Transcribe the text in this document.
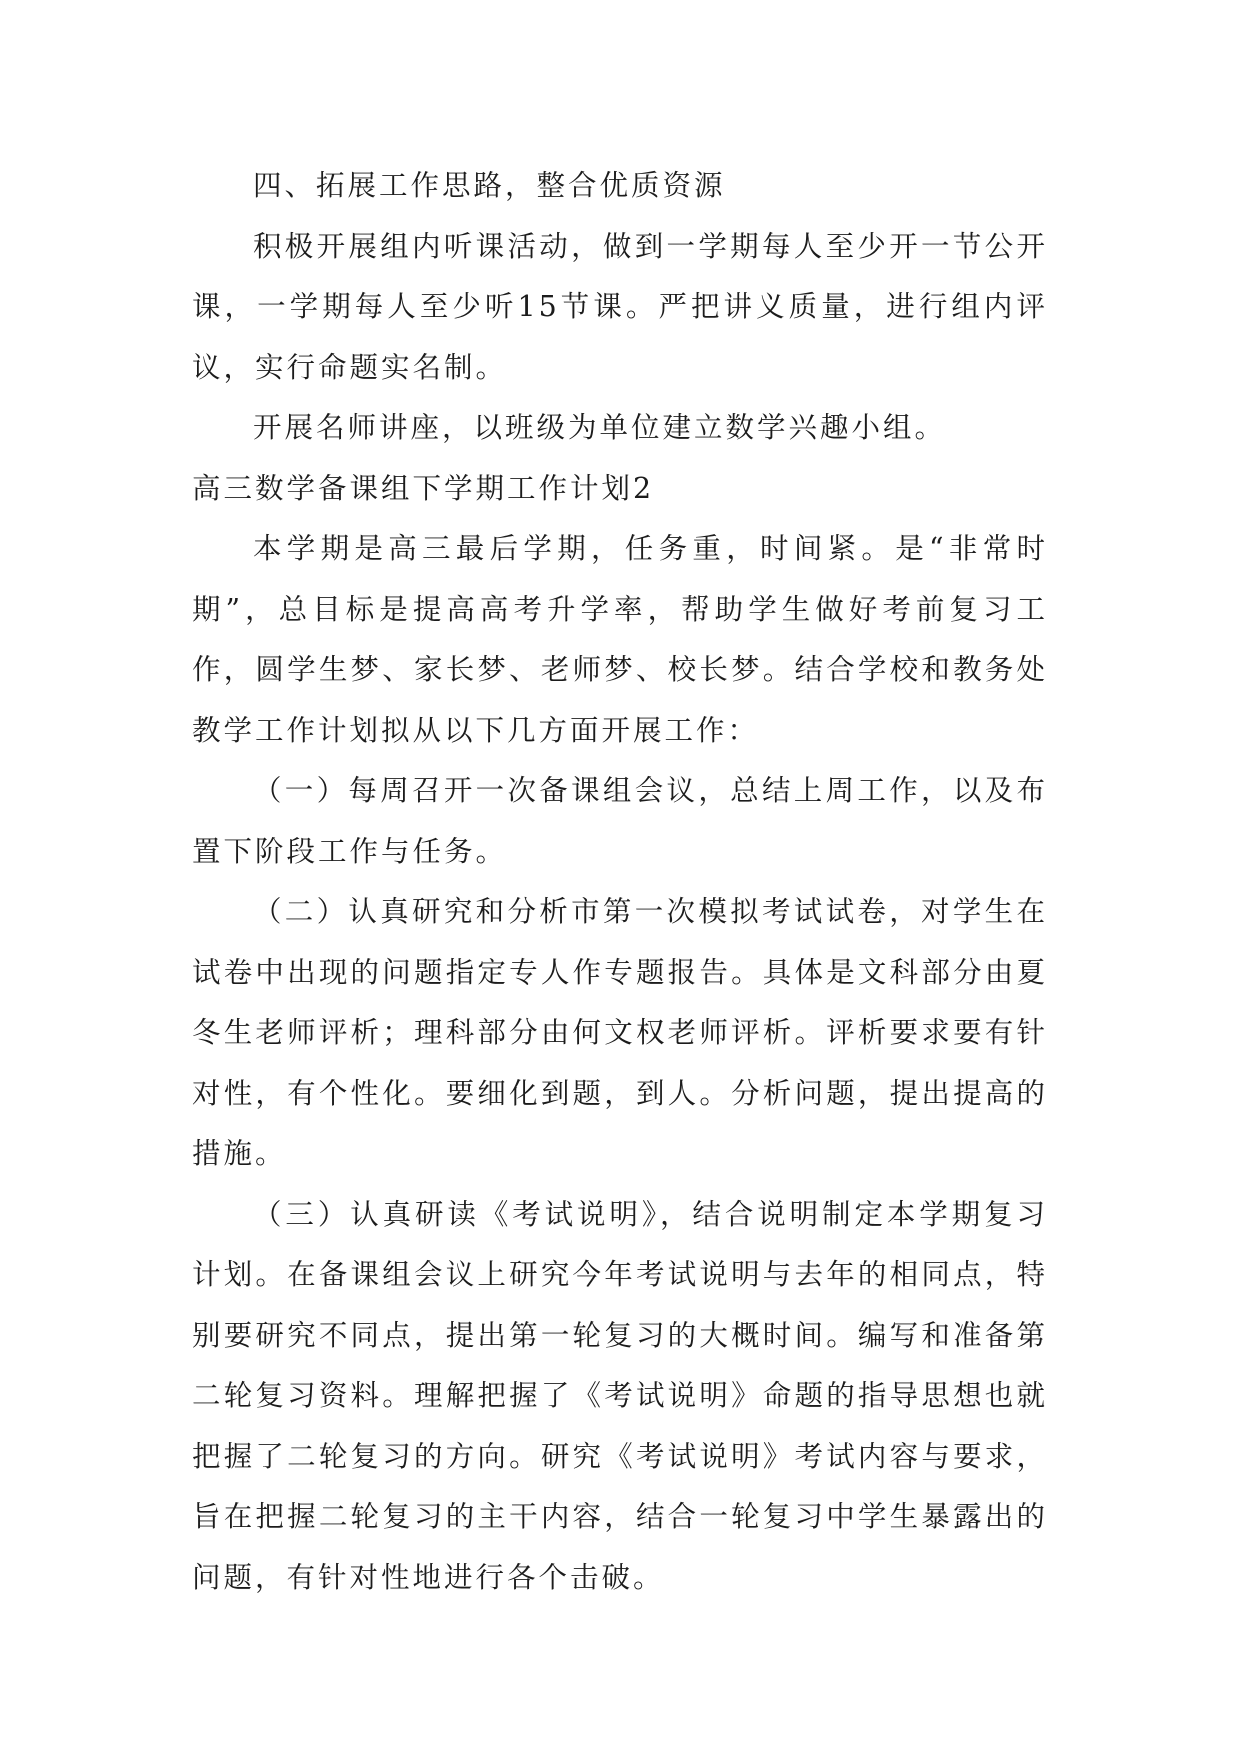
四、拓展工作思路，整合优质资源

积极开展组内听课活动，做到一学期每人至少开一节公开课，一学期每人至少听15节课。严把讲义质量，进行组内评议，实行命题实名制。

开展名师讲座，以班级为单位建立数学兴趣小组。

高三数学备课组下学期工作计划2

本学期是高三最后学期，任务重，时间紧。是“非常时期”，总目标是提高高考升学率，帮助学生做好考前复习工作，圆学生梦、家长梦、老师梦、校长梦。结合学校和教务处教学工作计划拟从以下几方面开展工作：

（一）每周召开一次备课组会议，总结上周工作，以及布置下阶段工作与任务。

（二）认真研究和分析市第一次模拟考试试卷，对学生在试卷中出现的问题指定专人作专题报告。具体是文科部分由夏冬生老师评析；理科部分由何文权老师评析。评析要求要有针对性，有个性化。要细化到题，到人。分析问题，提出提高的措施。

（三）认真研读《考试说明》，结合说明制定本学期复习计划。在备课组会议上研究今年考试说明与去年的相同点，特别要研究不同点，提出第一轮复习的大概时间。编写和准备第二轮复习资料。理解把握了《考试说明》命题的指导思想也就把握了二轮复习的方向。研究《考试说明》考试内容与要求，旨在把握二轮复习的主干内容，结合一轮复习中学生暴露出的问题，有针对性地进行各个击破。
